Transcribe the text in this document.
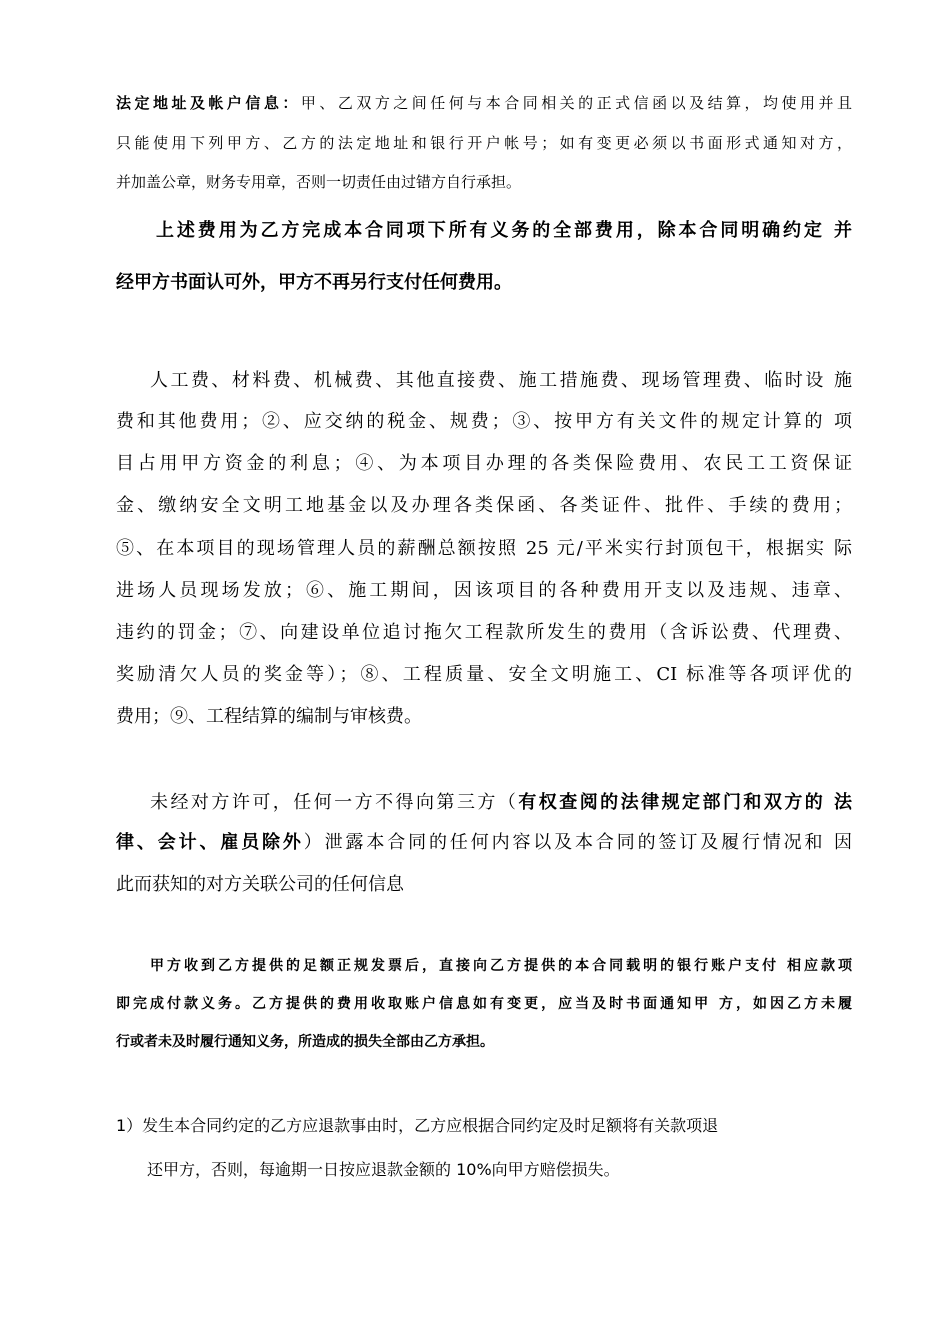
法定地址及帐户信息：甲、乙双方之间任何与本合同相关的正式信函以及结算，均使用并且
只能使用下列甲方、乙方的法定地址和银行开户帐号；如有变更必须以书面形式通知对方，
并加盖公章，财务专用章，否则一切责任由过错方自行承担。
上述费用为乙方完成本合同项下所有义务的全部费用，除本合同明确约定 并
经甲方书面认可外，甲方不再另行支付任何费用。
人工费、材料费、机械费、其他直接费、施工措施费、现场管理费、临时设 施
费和其他费用；②、应交纳的税金、规费；③、按甲方有关文件的规定计算的 项
目占用甲方资金的利息；④、为本项目办理的各类保险费用、农民工工资保证
金、缴纳安全文明工地基金以及办理各类保函、各类证件、批件、手续的费用；
⑤、在本项目的现场管理人员的薪酬总额按照 25 元/平米实行封顶包干，根据实 际
进场人员现场发放；⑥、施工期间，因该项目的各种费用开支以及违规、违章、
违约的罚金；⑦、向建设单位追讨拖欠工程款所发生的费用（含诉讼费、代理费、
奖励清欠人员的奖金等）；⑧、工程质量、安全文明施工、CI 标准等各项评优的
费用；⑨、工程结算的编制与审核费。
未经对方许可，任何一方不得向第三方（有权查阅的法律规定部门和双方的 法
律、会计、雇员除外）泄露本合同的任何内容以及本合同的签订及履行情况和 因
此而获知的对方关联公司的任何信息
甲方收到乙方提供的足额正规发票后，直接向乙方提供的本合同载明的银行账户支付 相应款项
即完成付款义务。乙方提供的费用收取账户信息如有变更，应当及时书面通知甲 方，如因乙方未履
行或者未及时履行通知义务，所造成的损失全部由乙方承担。
1）发生本合同约定的乙方应退款事由时，乙方应根据合同约定及时足额将有关款项退
还甲方，否则，每逾期一日按应退款金额的 10%向甲方赔偿损失。
